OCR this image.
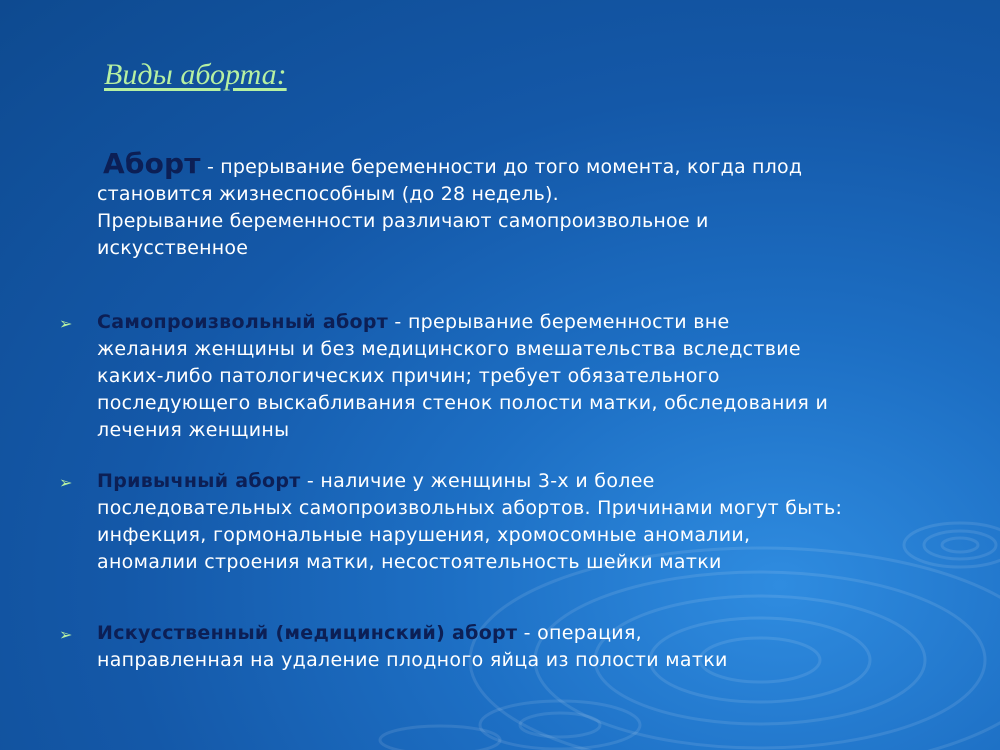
Виды аборта:
Аборт - прерывание беременности до того момента, когда плод
становится жизнеспособным (до 28 недель).
Прерывание беременности различают самопроизвольное и
искусственное
➢ Самопроизвольный аборт - прерывание беременности вне
желания женщины и без медицинского вмешательства вследствие
каких-либо патологических причин; требует обязательного
последующего выскабливания стенок полости матки, обследования и
лечения женщины
➢ Привычный аборт - наличие у женщины 3-х и более
последовательных самопроизвольных абортов. Причинами могут быть:
инфекция, гормональные нарушения, хромосомные аномалии,
аномалии строения матки, несостоятельность шейки матки
➢ Искусственный (медицинский) аборт - операция,
направленная на удаление плодного яйца из полости матки
